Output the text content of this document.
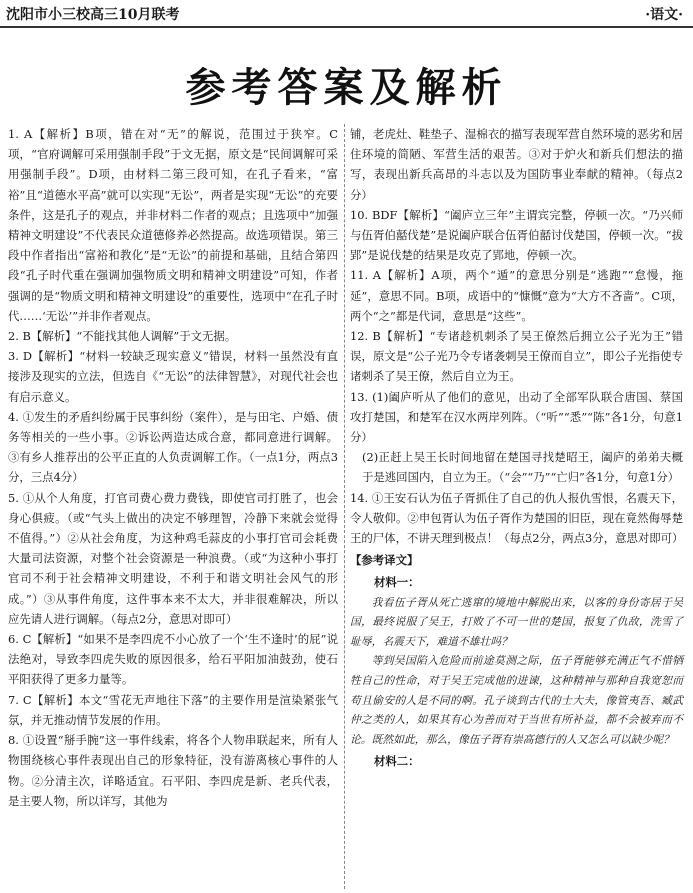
沈阳市小三校高三10月联考	·语文·
参考答案及解析

1. A【解析】B项，错在对“无”的解说，范围过于狭窄。C项，“官府调解可采用强制手段”于文无据，原文是“民间调解可采用强制手段”。D项，由材料二第三段可知，在孔子看来，“富裕”且“道德水平高”就可以实现“无讼”，两者是实现“无讼”的充要条件，这是孔子的观点，并非材料二作者的观点；且选项中“加强精神文明建设”不代表民众道德修养必然提高。故选项错误。第三段中作者指出“富裕和教化”是“无讼”的前提和基础，且结合第四段“孔子时代重在强调加强物质文明和精神文明建设”可知，作者强调的是“物质文明和精神文明建设”的重要性，选项中“在孔子时代……‘无讼’”并非作者观点。

2. B【解析】“不能找其他人调解”于文无据。

3. D【解析】“材料一较缺乏现实意义”错误，材料一虽然没有直接涉及现实的立法，但选自《“无讼”的法律智慧》，对现代社会也有启示意义。

4. ①发生的矛盾纠纷属于民事纠纷（案件），是与田宅、户婚、债务等相关的一些小事。②诉讼两造达成合意，都同意进行调解。③有乡人推荐出的公平正直的人负责调解工作。（一点1分，两点3分，三点4分）

5. ①从个人角度，打官司费心费力费钱，即使官司打胜了，也会身心俱疲。（或“气头上做出的决定不够理智，冷静下来就会觉得不值得。”）②从社会角度，为这种鸡毛蒜皮的小事打官司会耗费大量司法资源，对整个社会资源是一种浪费。（或“为这种小事打官司不利于社会精神文明建设，不利于和谐文明社会风气的形成。”）③从事件角度，这件事本来不太大，并非很难解决，所以应先请人进行调解。（每点2分，意思对即可）

6. C【解析】“如果不是李四虎不小心放了一个‘生不逢时’的屁”说法绝对，导致李四虎失败的原因很多，给石平阳加油鼓劲，使石平阳获得了更多力量等。

7. C【解析】本文“雪花无声地往下落”的主要作用是渲染紧张气氛，并无推动情节发展的作用。

8. ①设置“掰手腕”这一事件线索，将各个人物串联起来，所有人物围绕核心事件表现出自己的形象特征，没有游离核心事件的人物。②分清主次，详略适宜。石平阳、李四虎是新、老兵代表，是主要人物，所以详写，其他为

铺，老虎灶、鞋垫子、湿棉衣的描写表现军营自然环境的恶劣和居住环境的简陋、军营生活的艰苦。③对于炉火和新兵们想法的描写，表现出新兵高昂的斗志以及为国防事业奉献的精神。（每点2分）

10. BDF【解析】“阖庐立三年”主谓宾完整，停顿一次。“乃兴师与伍胥伯嚭伐楚”是说阖庐联合伍胥伯嚭讨伐楚国，停顿一次。“拔郢”是说伐楚的结果是攻克了郢地，停顿一次。

11. A【解析】A项，两个“遁”的意思分别是“逃跑”“怠慢，拖延”，意思不同。B项，成语中的“慷慨”意为“大方不吝啬”。C项，两个“之”都是代词，意思是“这些”。

12. B【解析】“专诸趁机刺杀了吴王僚然后拥立公子光为王”错误，原文是“公子光乃令专诸袭刺吴王僚而自立”，即公子光指使专诸刺杀了吴王僚，然后自立为王。

13. (1)阖庐听从了他们的意见，出动了全部军队联合唐国、蔡国攻打楚国，和楚军在汉水两岸列阵。（“听”“悉”“陈”各1分，句意1分）

(2)正赶上吴王长时间地留在楚国寻找楚昭王，阖庐的弟弟夫概于是逃回国内，自立为王。（“会”“乃”“亡归”各1分，句意1分）

14. ①王安石认为伍子胥抓住了自己的仇人报仇雪恨，名震天下，令人敬仰。②申包胥认为伍子胥作为楚国的旧臣，现在竟然侮辱楚王的尸体，不讲天理到极点！（每点2分，两点3分，意思对即可）

【参考译文】
材料一：

我看伍子胥从死亡逃窜的境地中解脱出来，以客的身份寄居于吴国，最终说服了吴王，打败了不可一世的楚国，报复了仇敌，洗雪了耻辱，名震天下，难道不雄壮吗？

等到吴国陷入危险而前途莫测之际，伍子胥能够充满正气不惜牺牲自己的性命，对于吴王完成他的进谏，这种精神与那种自我宽恕而苟且偷安的人是不同的啊。孔子谈到古代的士大夫，像管夷吾、臧武仲之类的人，如果其有心为善而对于当世有所补益，都不会被弃而不论。既然如此，那么，像伍子胥有崇高德行的人又怎么可以缺少呢？

材料二：
